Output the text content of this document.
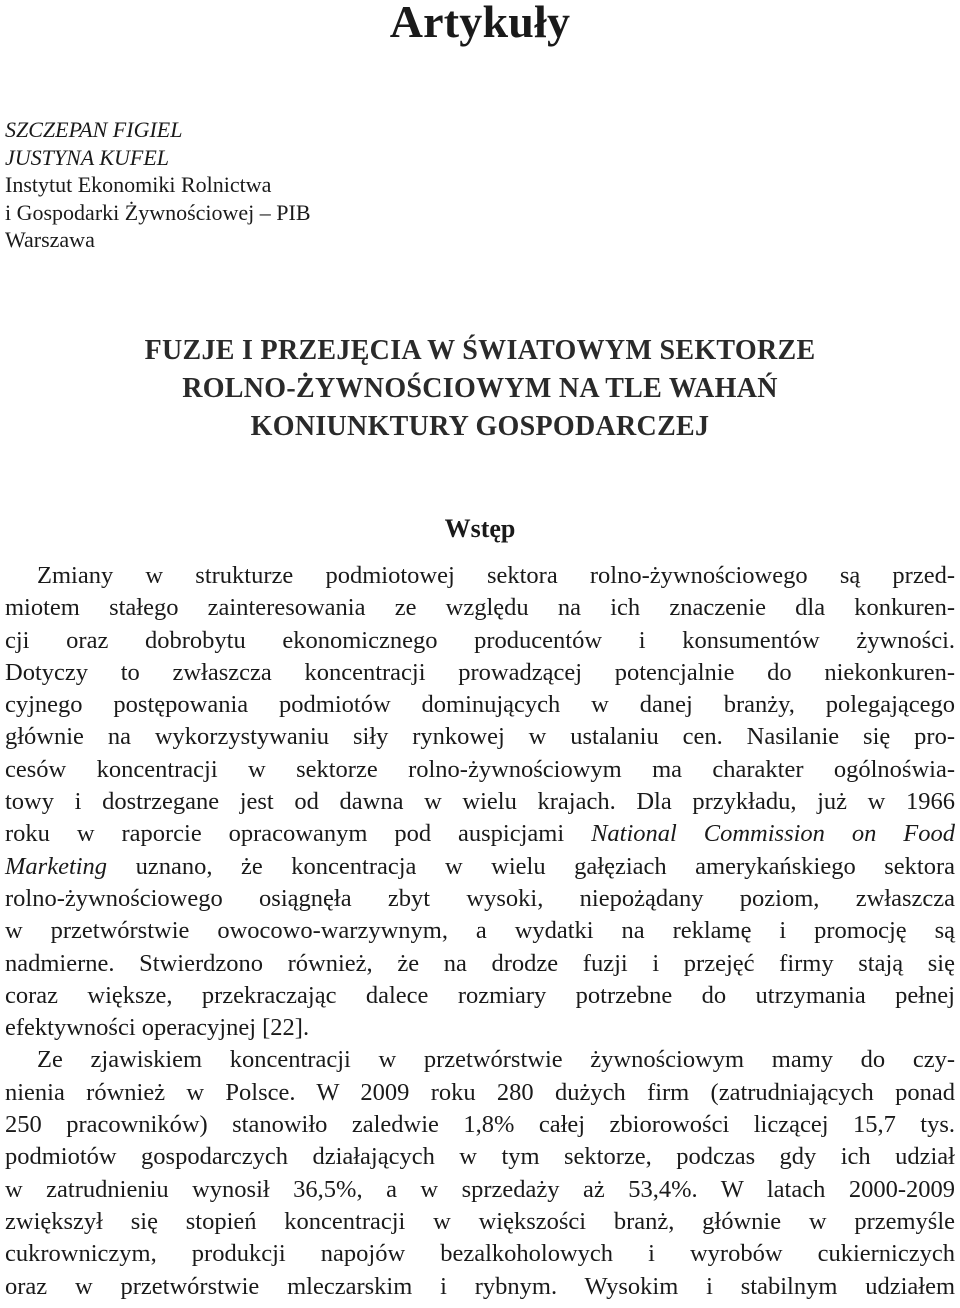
Artykuły
SZCZEPAN FIGIEL
JUSTYNA KUFEL
Instytut Ekonomiki Rolnictwa
i Gospodarki Żywnościowej – PIB
Warszawa
FUZJE I PRZEJĘCIA W ŚWIATOWYM SEKTORZE
ROLNO-ŻYWNOŚCIOWYM NA TLE WAHAŃ
KONIUNKTURY GOSPODARCZEJ
Wstęp
Zmiany w strukturze podmiotowej sektora rolno-żywnościowego są przed-
miotem stałego zainteresowania ze względu na ich znaczenie dla konkuren-
cji oraz dobrobytu ekonomicznego producentów i konsumentów żywności.
Dotyczy to zwłaszcza koncentracji prowadzącej potencjalnie do niekonkuren-
cyjnego postępowania podmiotów dominujących w danej branży, polegającego
głównie na wykorzystywaniu siły rynkowej w ustalaniu cen. Nasilanie się pro-
cesów koncentracji w sektorze rolno-żywnościowym ma charakter ogólnoświa-
towy i dostrzegane jest od dawna w wielu krajach. Dla przykładu, już w 1966
roku w raporcie opracowanym pod auspicjami National Commission on Food
Marketing uznano, że koncentracja w wielu gałęziach amerykańskiego sektora
rolno-żywnościowego osiągnęła zbyt wysoki, niepożądany poziom, zwłaszcza
w przetwórstwie owocowo-warzywnym, a wydatki na reklamę i promocję są
nadmierne. Stwierdzono również, że na drodze fuzji i przejęć firmy stają się
coraz większe, przekraczając dalece rozmiary potrzebne do utrzymania pełnej
efektywności operacyjnej [22].
Ze zjawiskiem koncentracji w przetwórstwie żywnościowym mamy do czy-
nienia również w Polsce. W 2009 roku 280 dużych firm (zatrudniających ponad
250 pracowników) stanowiło zaledwie 1,8% całej zbiorowości liczącej 15,7 tys.
podmiotów gospodarczych działających w tym sektorze, podczas gdy ich udział
w zatrudnieniu wynosił 36,5%, a w sprzedaży aż 53,4%. W latach 2000-2009
zwiększył się stopień koncentracji w większości branż, głównie w przemyśle
cukrowniczym, produkcji napojów bezalkoholowych i wyrobów cukierniczych
oraz w przetwórstwie mleczarskim i rybnym. Wysokim i stabilnym udziałem
